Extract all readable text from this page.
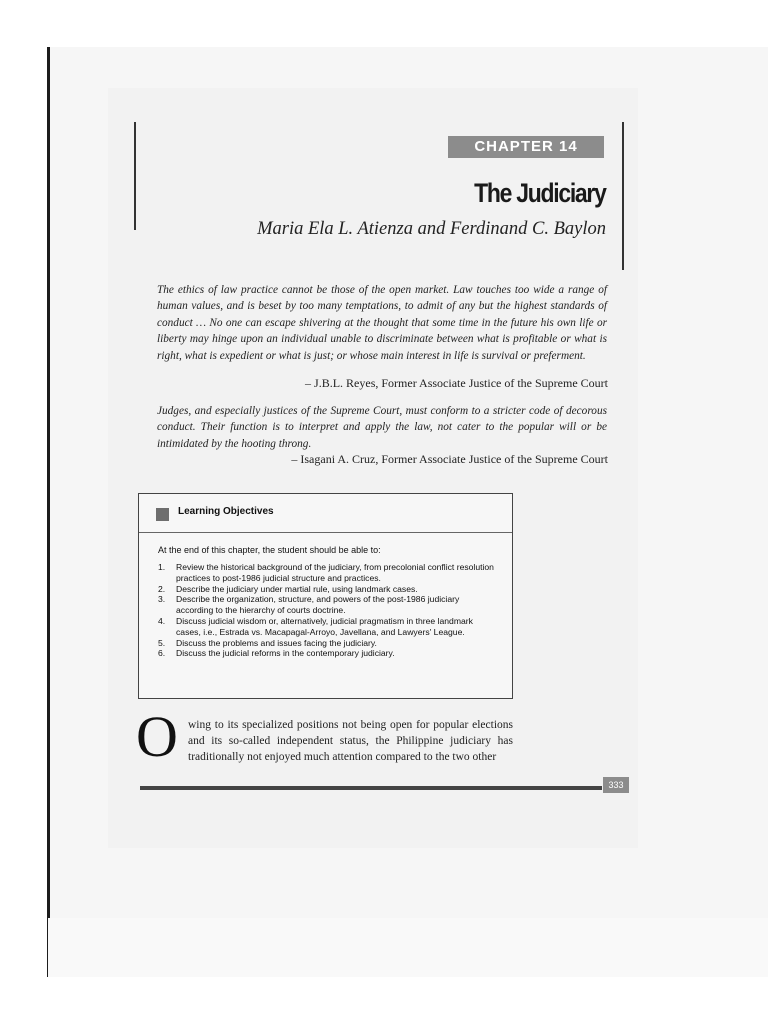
CHAPTER 14
The Judiciary
Maria Ela L. Atienza and Ferdinand C. Baylon
The ethics of law practice cannot be those of the open market. Law touches too wide a range of human values, and is beset by too many temptations, to admit of any but the highest standards of conduct … No one can escape shivering at the thought that some time in the future his own life or liberty may hinge upon an individual unable to discriminate between what is profitable or what is right, what is expedient or what is just; or whose main interest in life is survival or preferment.
– J.B.L. Reyes, Former Associate Justice of the Supreme Court
Judges, and especially justices of the Supreme Court, must conform to a stricter code of decorous conduct. Their function is to interpret and apply the law, not cater to the popular will or be intimidated by the hooting throng.
– Isagani A. Cruz, Former Associate Justice of the Supreme Court
Learning Objectives
At the end of this chapter, the student should be able to:
1. Review the historical background of the judiciary, from precolonial conflict resolution practices to post-1986 judicial structure and practices.
2. Describe the judiciary under martial rule, using landmark cases.
3. Describe the organization, structure, and powers of the post-1986 judiciary according to the hierarchy of courts doctrine.
4. Discuss judicial wisdom or, alternatively, judicial pragmatism in three landmark cases, i.e., Estrada vs. Macapagal-Arroyo, Javellana, and Lawyers' League.
5. Discuss the problems and issues facing the judiciary.
6. Discuss the judicial reforms in the contemporary judiciary.
O wing to its specialized positions not being open for popular elections and its so-called independent status, the Philippine judiciary has traditionally not enjoyed much attention compared to the two other
333
